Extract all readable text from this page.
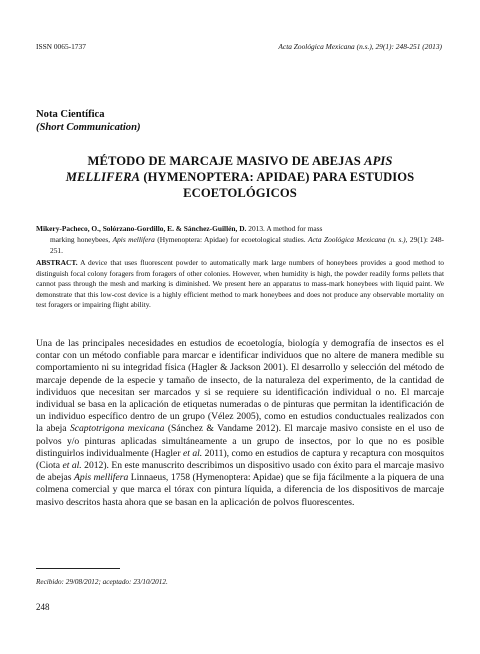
ISSN 0065-1737	Acta Zoológica Mexicana (n.s.), 29(1): 248-251 (2013)
Nota Científica
(Short Communication)
MÉTODO DE MARCAJE MASIVO DE ABEJAS APIS
MELLIFERA (HYMENOPTERA: APIDAE) PARA ESTUDIOS ECOETOLÓGICOS
Mikery-Pacheco, O., Solórzano-Gordillo, E. & Sánchez-Guillén, D. 2013. A method for mass
marking honeybees, Apis mellifera (Hymenoptera: Apidae) for ecoetological studies. Acta Zoológica Mexicana (n. s.), 29(1): 248-251.
ABSTRACT. A device that uses fluorescent powder to automatically mark large numbers of honeybees provides a good method to distinguish focal colony foragers from foragers of other colonies. However, when humidity is high, the powder readily forms pellets that cannot pass through the mesh and marking is diminished. We present here an apparatus to mass-mark honeybees with liquid paint. We demonstrate that this low-cost device is a highly efficient method to mark honeybees and does not produce any observable mortality on test foragers or impairing flight ability.
Una de las principales necesidades en estudios de ecoetología, biología y demografía de insectos es el contar con un método confiable para marcar e identificar individuos que no altere de manera medible su comportamiento ni su integridad física (Hagler & Jackson 2001). El desarrollo y selección del método de marcaje depende de la especie y tamaño de insecto, de la naturaleza del experimento, de la cantidad de individuos que necesitan ser marcados y si se requiere su identificación individual o no. El marcaje individual se basa en la aplicación de etiquetas numeradas o de pinturas que permitan la identificación de un individuo específico dentro de un grupo (Vélez 2005), como en estudios conductuales realizados con la abeja Scaptotrigona mexicana (Sánchez & Vandame 2012). El marcaje masivo consiste en el uso de polvos y/o pinturas aplicadas simultáneamente a un grupo de insectos, por lo que no es posible distinguirlos individualmente (Hagler et al. 2011), como en estudios de captura y recaptura con mosquitos (Ciota et al. 2012). En este manuscrito describimos un dispositivo usado con éxito para el marcaje masivo de abejas Apis mellifera Linnaeus, 1758 (Hymenoptera: Apidae) que se fija fácilmente a la piquera de una colmena comercial y que marca el tórax con pintura líquida, a diferencia de los dispositivos de marcaje masivo descritos hasta ahora que se basan en la aplicación de polvos fluorescentes.
Recibido: 29/08/2012; aceptado: 23/10/2012.
248
